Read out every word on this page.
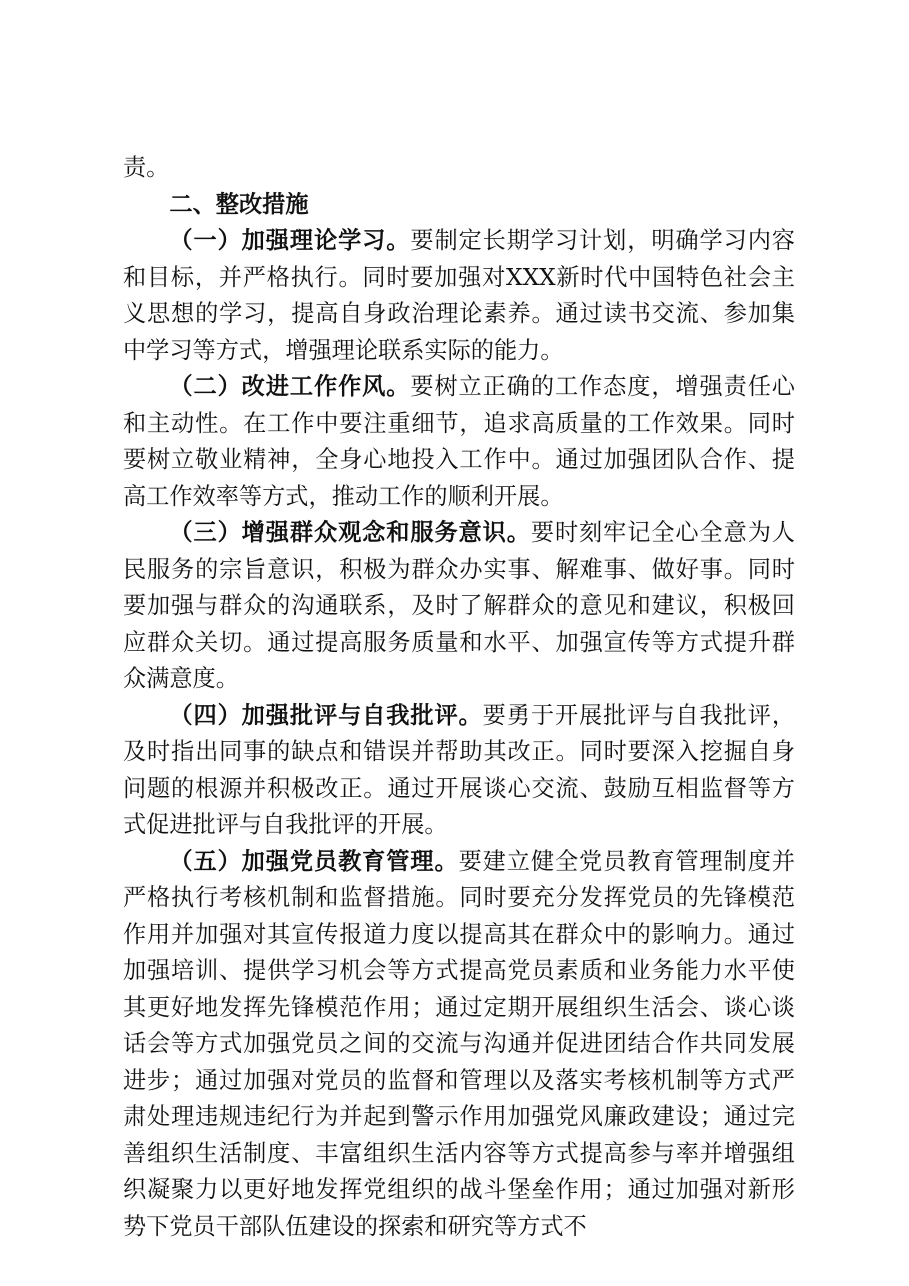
责。

二、整改措施

（一）加强理论学习。要制定长期学习计划，明确学习内容和目标，并严格执行。同时要加强对XXX新时代中国特色社会主义思想的学习，提高自身政治理论素养。通过读书交流、参加集中学习等方式，增强理论联系实际的能力。

（二）改进工作作风。要树立正确的工作态度，增强责任心和主动性。在工作中要注重细节，追求高质量的工作效果。同时要树立敬业精神，全身心地投入工作中。通过加强团队合作、提高工作效率等方式，推动工作的顺利开展。

（三）增强群众观念和服务意识。要时刻牢记全心全意为人民服务的宗旨意识，积极为群众办实事、解难事、做好事。同时要加强与群众的沟通联系，及时了解群众的意见和建议，积极回应群众关切。通过提高服务质量和水平、加强宣传等方式提升群众满意度。

（四）加强批评与自我批评。要勇于开展批评与自我批评，及时指出同事的缺点和错误并帮助其改正。同时要深入挖掘自身问题的根源并积极改正。通过开展谈心交流、鼓励互相监督等方式促进批评与自我批评的开展。

（五）加强党员教育管理。要建立健全党员教育管理制度并严格执行考核机制和监督措施。同时要充分发挥党员的先锋模范作用并加强对其宣传报道力度以提高其在群众中的影响力。通过加强培训、提供学习机会等方式提高党员素质和业务能力水平使其更好地发挥先锋模范作用；通过定期开展组织生活会、谈心谈话会等方式加强党员之间的交流与沟通并促进团结合作共同发展进步；通过加强对党员的监督和管理以及落实考核机制等方式严肃处理违规违纪行为并起到警示作用加强党风廉政建设；通过完善组织生活制度、丰富组织生活内容等方式提高参与率并增强组织凝聚力以更好地发挥党组织的战斗堡垒作用；通过加强对新形势下党员干部队伍建设的探索和研究等方式不
